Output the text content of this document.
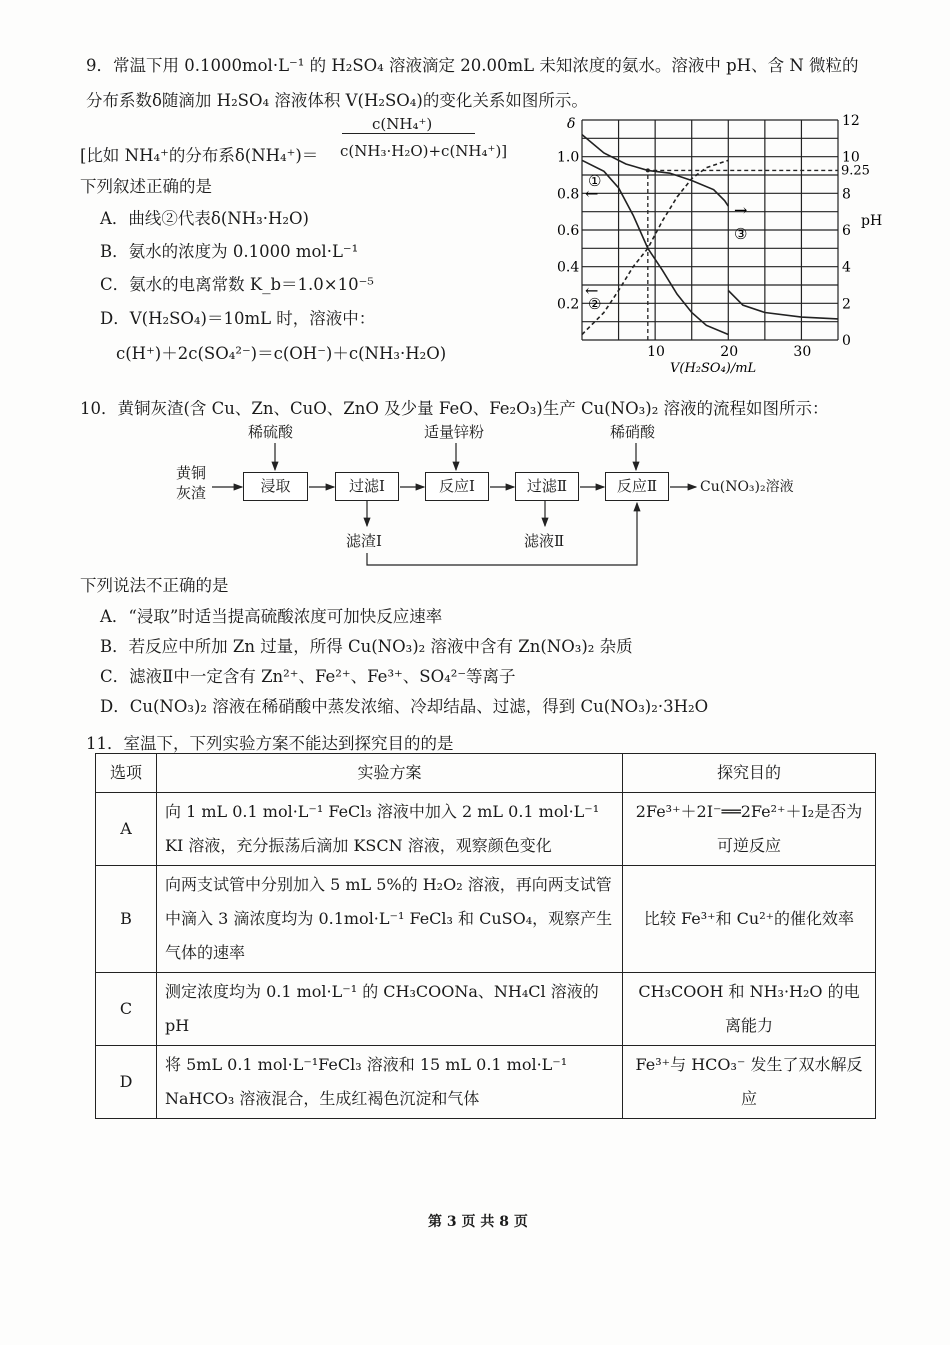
9．常温下用 0.1000mol·L⁻¹ 的 H₂SO₄ 溶液滴定 20.00mL 未知浓度的氨水。溶液中 pH、含 N 微粒的
分布系数δ随滴加 H₂SO₄ 溶液体积 V(H₂SO₄)的变化关系如图所示。
c(NH₄⁺)
[比如 NH₄⁺的分布系δ(NH₄⁺)＝ c(NH₃·H₂O)+c(NH₄⁺)]
下列叙述正确的是
A．曲线②代表δ(NH₃·H₂O)
B．氨水的浓度为 0.1000 mol·L⁻¹
C．氨水的电离常数 K_b＝1.0×10⁻⁵
D．V(H₂SO₄)＝10mL 时，溶液中：
c(H⁺)＋2c(SO₄²⁻)＝c(OH⁻)＋c(NH₃·H₂O)
δ
pH
V(H₂SO₄)/mL
10	20	30
0.2
0.4
0.6
0.8
1.0
0
2
4
6
8
10
12
9.25
①
②
③
←
←
→
10．黄铜灰渣(含 Cu、Zn、CuO、ZnO 及少量 FeO、Fe₂O₃)生产 Cu(NO₃)₂ 溶液的流程如图所示：
黄铜
灰渣
稀硫酸	适量锌粉	稀硝酸
浸取	过滤Ⅰ	反应Ⅰ	过滤Ⅱ	反应Ⅱ	Cu(NO₃)₂溶液
滤渣Ⅰ	滤液Ⅱ
下列说法不正确的是
A．“浸取”时适当提高硫酸浓度可加快反应速率
B．若反应中所加 Zn 过量，所得 Cu(NO₃)₂ 溶液中含有 Zn(NO₃)₂ 杂质
C．滤液Ⅱ中一定含有 Zn²⁺、Fe²⁺、Fe³⁺、SO₄²⁻等离子
D．Cu(NO₃)₂ 溶液在稀硝酸中蒸发浓缩、冷却结晶、过滤，得到 Cu(NO₃)₂·3H₂O
11．室温下，下列实验方案不能达到探究目的的是
选项	实验方案	探究目的
A	向 1 mL 0.1 mol·L⁻¹ FeCl₃ 溶液中加入 2 mL 0.1 mol·L⁻¹ KI 溶液，充分振荡后滴加 KSCN 溶液，观察颜色变化	2Fe³⁺＋2I⁻══2Fe²⁺＋I₂是否为可逆反应
B	向两支试管中分别加入 5 mL 5%的 H₂O₂ 溶液，再向两支试管中滴入 3 滴浓度均为 0.1mol·L⁻¹ FeCl₃ 和 CuSO₄，观察产生气体的速率	比较 Fe³⁺和 Cu²⁺的催化效率
C	测定浓度均为 0.1 mol·L⁻¹ 的 CH₃COONa、NH₄Cl 溶液的 pH	CH₃COOH 和 NH₃·H₂O 的电离能力
D	将 5mL 0.1 mol·L⁻¹FeCl₃ 溶液和 15 mL 0.1 mol·L⁻¹ NaHCO₃ 溶液混合，生成红褐色沉淀和气体	Fe³⁺与 HCO₃⁻ 发生了双水解反应
第 3 页 共 8 页
